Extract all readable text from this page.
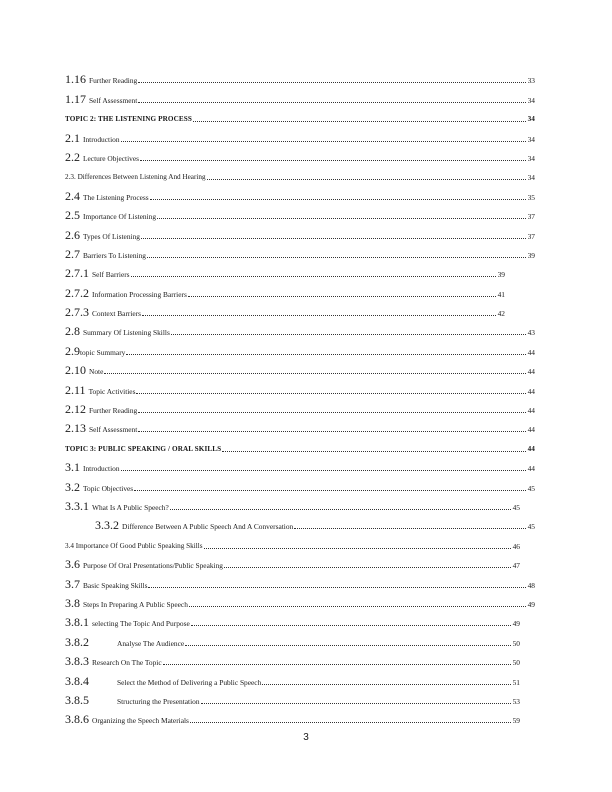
1.16 Further Reading	33
1.17 Self Assessment	34
TOPIC 2: THE LISTENING PROCESS	34
2.1 Introduction	34
2.2 Lecture Objectives	34
2.3. Differences Between Listening And Hearing	34
2.4 The Listening Process	35
2.5 Importance Of Listening	37
2.6 Types Of Listening	37
2.7 Barriers To Listening	39
2.7.1 Self Barriers	39
2.7.2 Information Processing Barriers	41
2.7.3 Context Barriers	42
2.8 Summary Of Listening Skills	43
2.9 topic Summary	44
2.10 Note	44
2.11 Topic Activities	44
2.12 Further Reading	44
2.13 Self Assessment	44
TOPIC 3: PUBLIC SPEAKING / ORAL SKILLS	44
3.1 Introduction	44
3.2 Topic Objectives	45
3.3.1 What Is A Public Speech?	45
3.3.2 Difference Between A Public Speech And A Conversation	45
3.4 Importance Of Good Public Speaking Skills	46
3.6 Purpose Of Oral Presentations/Public Speaking	47
3.7 Basic Speaking Skills	48
3.8 Steps In Preparing A Public Speech	49
3.8.1 selecting The Topic And Purpose	49
3.8.2	Analyse The Audience	50
3.8.3 Research On The Topic	50
3.8.4	Select the Method of Delivering a Public Speech	51
3.8.5	Structuring the Presentation	53
3.8.6 Organizing the Speech Materials	59
3
